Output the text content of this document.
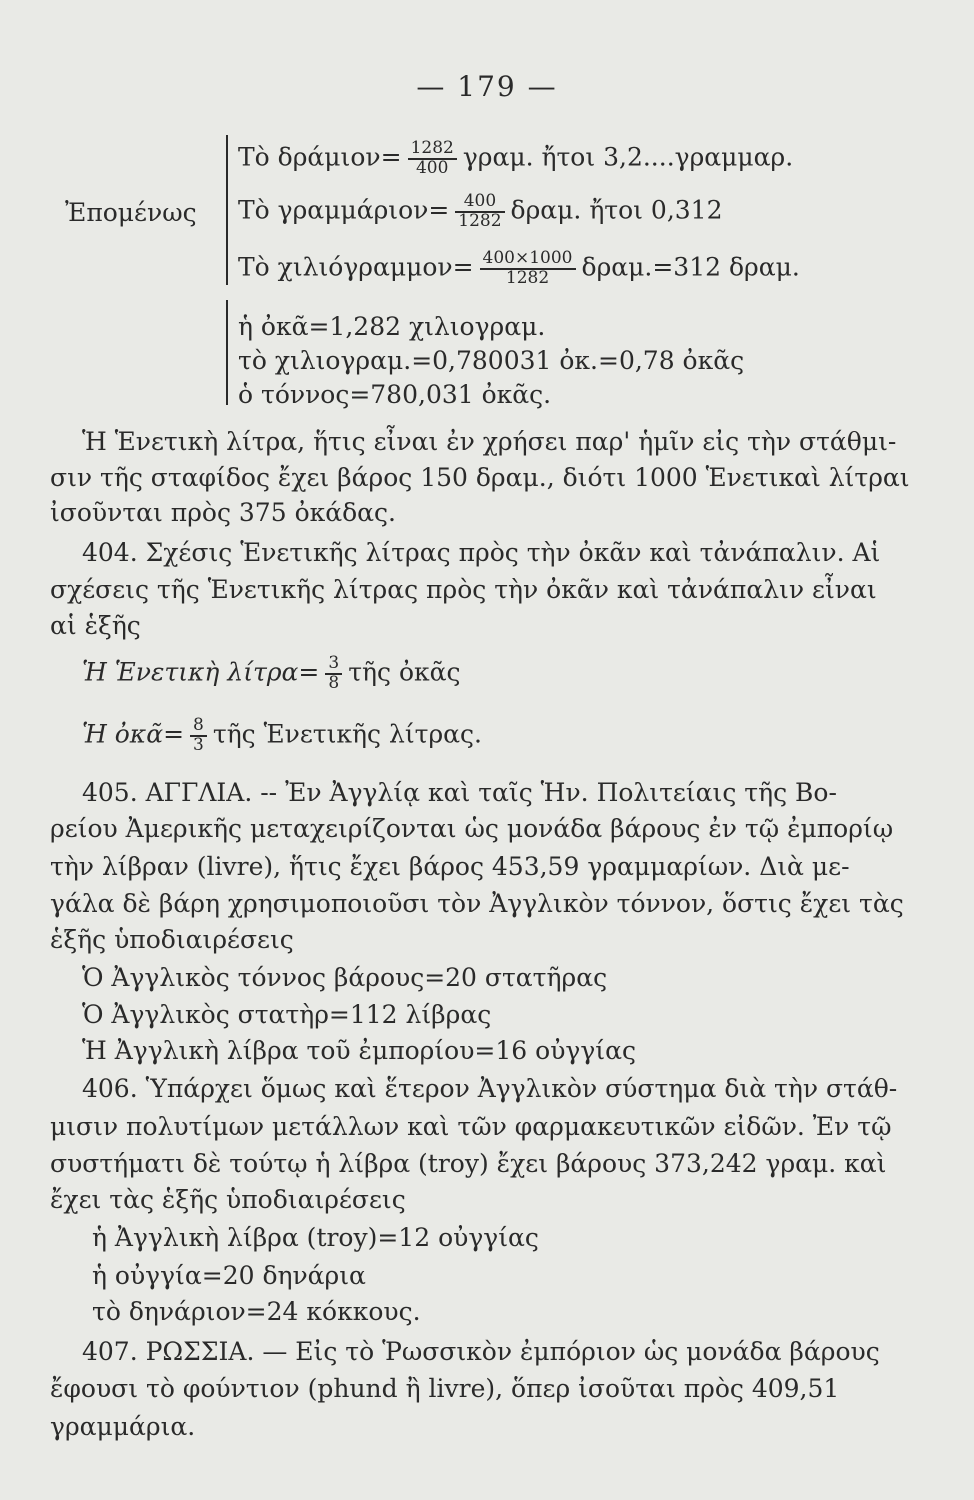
— 179 —
Ἐπομένως
Τὸ $\delta\rho ά\mu\iota o\nu= \frac{1282}{400} \gamma\rho\alpha\mu$. ἤτοι 3,2....γραμμαρ.
Τὸ $\gamma\rho\alpha\mu\mu ά\rho\iota o\nu= \frac{400}{1282} \delta\rho\alpha\mu$. ἤτοι 0,312
Τὸ $\chi\iota\lambda\iota ό\gamma\rho\alpha\mu\mu o\nu= \frac{400\times 1000}{1282} \delta\rho\alpha\mu.=312$ δραμ.
ἡ ὀκᾶ=1,282 χιλιογραμ.
τὸ χιλιογραμ.=0,780031 ὀκ.=0,78 ὀκᾶς
ὁ τόννος=780,031 ὀκᾶς.
Ἡ Ἑνετικὴ λίτρα, ἥτις εἶναι ἐν χρήσει παρ' ἡμῖν εἰς τὴν στάθμι-
σιν τῆς σταφίδος ἔχει βάρος 150 δραμ., διότι 1000 Ἑνετικαὶ λίτραι
ἰσοῦνται πρὸς 375 ὀκάδας.
404. Σχέσις Ἑνετικῆς λίτρας πρὸς τὴν ὀκᾶν καὶ τἀνάπαλιν. Αἱ
σχέσεις τῆς Ἑνετικῆς λίτρας πρὸς τὴν ὀκᾶν καὶ τἀνάπαλιν εἶναι
αἱ ἑξῆς
Ἡ Ἑνετικὴ $\lambda ί\tau\rho\alpha= \frac{3}{8}$ τῆς ὀκᾶς
Ἡ ὀκᾶ= $\frac{8}{3}$ τῆς Ἑνετικῆς λίτρας.
405. ΑΓΓΛΙΑ. -- Ἐν Ἀγγλίᾳ καὶ ταῖς Ἡν. Πολιτείαις τῆς Βο-
ρείου Ἀμερικῆς μεταχειρίζονται ὡς μονάδα βάρους ἐν τῷ ἐμπορίῳ
τὴν λίβραν (livre), ἥτις ἔχει βάρος 453,59 γραμμαρίων. Διὰ με-
γάλα δὲ βάρη χρησιμοποιοῦσι τὸν Ἀγγλικὸν τόννον, ὅστις ἔχει τὰς
ἑξῆς ὑποδιαιρέσεις
Ὁ Ἀγγλικὸς τόννος βάρους=20 στατῆρας
Ὁ Ἀγγλικὸς στατὴρ=112 λίβρας
Ἡ Ἀγγλικὴ λίβρα τοῦ ἐμπορίου=16 οὐγγίας
406. Ὑπάρχει ὅμως καὶ ἕτερον Ἀγγλικὸν σύστημα διὰ τὴν στάθ-
μισιν πολυτίμων μετάλλων καὶ τῶν φαρμακευτικῶν εἰδῶν. Ἐν τῷ
συστήματι δὲ τούτῳ ἡ λίβρα (troy) ἔχει βάρους 373,242 γραμ. καὶ
ἔχει τὰς ἑξῆς ὑποδιαιρέσεις
ἡ Ἀγγλικὴ λίβρα (troy)=12 οὐγγίας
ἡ οὐγγία=20 δηνάρια
τὸ δηνάριον=24 κόκκους.
407. ΡΩΣΣΙΑ. — Εἰς τὸ Ῥωσσικὸν ἐμπόριον ὡς μονάδα βάρους
ἔφουσι τὸ φούντιον (phund ἢ livre), ὅπερ ἰσοῦται πρὸς 409,51
γραμμάρια.
